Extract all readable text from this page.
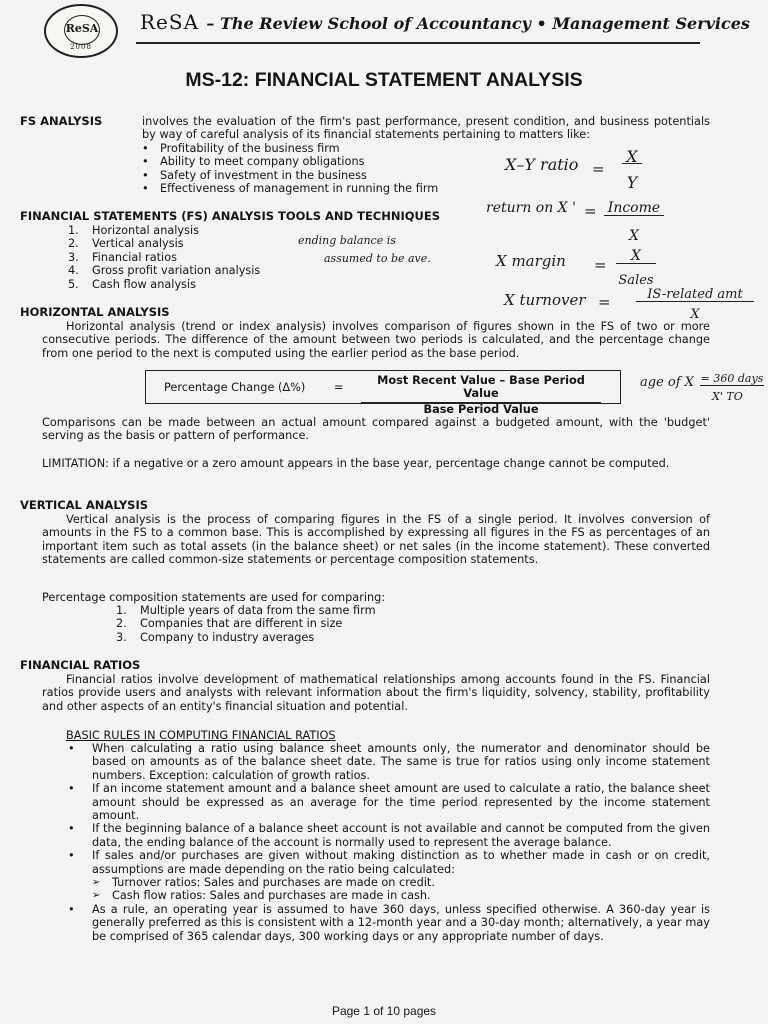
ReSA
2008
ReSA – The Review School of Accountancy • Management Services
MS-12: FINANCIAL STATEMENT ANALYSIS
FS ANALYSIS	involves the evaluation of the firm's past performance, present condition, and business potentials by way of careful analysis of its financial statements pertaining to matters like:
• Profitability of the business firm
• Ability to meet company obligations
• Safety of investment in the business
• Effectiveness of management in running the firm
FINANCIAL STATEMENTS (FS) ANALYSIS TOOLS AND TECHNIQUES
1. Horizontal analysis
2. Vertical analysis
3. Financial ratios
4. Gross profit variation analysis
5. Cash flow analysis
HORIZONTAL ANALYSIS
Horizontal analysis (trend or index analysis) involves comparison of figures shown in the FS of two or more consecutive periods. The difference of the amount between two periods is calculated, and the percentage change from one period to the next is computed using the earlier period as the base period.
Percentage Change (Δ%)	=
Most Recent Value – Base Period Value
Base Period Value
Comparisons can be made between an actual amount compared against a budgeted amount, with the 'budget' serving as the basis or pattern of performance.
LIMITATION: if a negative or a zero amount appears in the base year, percentage change cannot be computed.
VERTICAL ANALYSIS
Vertical analysis is the process of comparing figures in the FS of a single period. It involves conversion of amounts in the FS to a common base. This is accomplished by expressing all figures in the FS as percentages of an important item such as total assets (in the balance sheet) or net sales (in the income statement). These converted statements are called common-size statements or percentage composition statements.
Percentage composition statements are used for comparing:
1. Multiple years of data from the same firm
2. Companies that are different in size
3. Company to industry averages
FINANCIAL RATIOS
Financial ratios involve development of mathematical relationships among accounts found in the FS. Financial ratios provide users and analysts with relevant information about the firm's liquidity, solvency, stability, profitability and other aspects of an entity's financial situation and potential.
BASIC RULES IN COMPUTING FINANCIAL RATIOS
• When calculating a ratio using balance sheet amounts only, the numerator and denominator should be based on amounts as of the balance sheet date. The same is true for ratios using only income statement numbers. Exception: calculation of growth ratios.
• If an income statement amount and a balance sheet amount are used to calculate a ratio, the balance sheet amount should be expressed as an average for the time period represented by the income statement amount.
• If the beginning balance of a balance sheet account is not available and cannot be computed from the given data, the ending balance of the account is normally used to represent the average balance.
• If sales and/or purchases are given without making distinction as to whether made in cash or on credit, assumptions are made depending on the ratio being calculated:
➢ Turnover ratios: Sales and purchases are made on credit.
➢ Cash flow ratios: Sales and purchases are made in cash.
• As a rule, an operating year is assumed to have 360 days, unless specified otherwise. A 360-day year is generally preferred as this is consistent with a 12-month year and a 30-day month; alternatively, a year may be comprised of 365 calendar days, 300 working days or any appropriate number of days.
X–Y ratio =
X
Y
return on X ' = Income
X
ending balance is
assumed to be ave.	X margin =	X
Sales
X turnover =	IS-related amt
X
age of X = 360 days
X' TO
Page 1 of 10 pages
